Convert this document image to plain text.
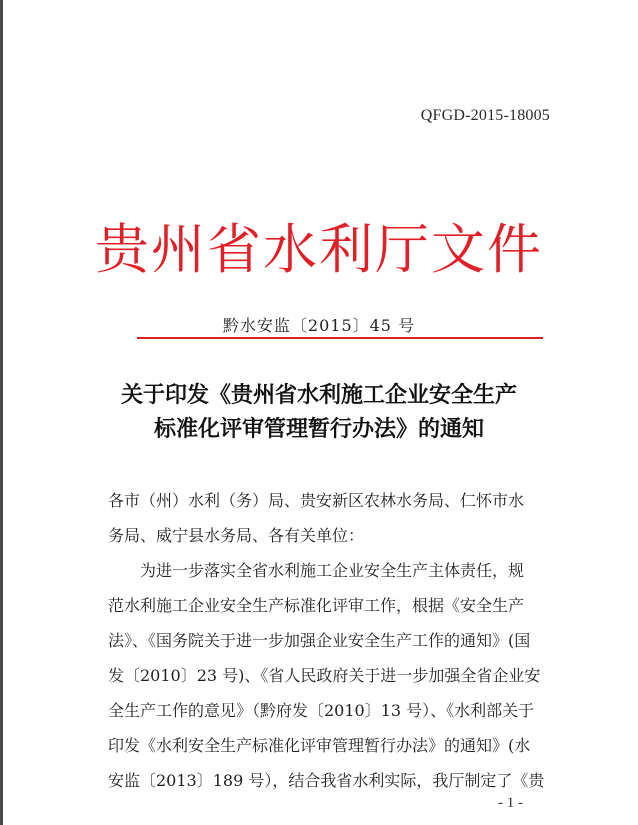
QFGD-2015-18005
贵州省水利厅文件
黔水安监〔2015〕45 号
关于印发《贵州省水利施工企业安全生产
标准化评审管理暂行办法》的通知
各市（州）水利（务）局、贵安新区农林水务局、仁怀市水
务局、威宁县水务局、各有关单位：
为进一步落实全省水利施工企业安全生产主体责任，规
范水利施工企业安全生产标准化评审工作，根据《安全生产
法》、《国务院关于进一步加强企业安全生产工作的通知》(国
发〔2010〕23 号)、《省人民政府关于进一步加强全省企业安
全生产工作的意见》（黔府发〔2010〕13 号）、《水利部关于
印发《水利安全生产标准化评审管理暂行办法》的通知》(水
安监〔2013〕189 号），结合我省水利实际，我厅制定了《贵
- 1 -
